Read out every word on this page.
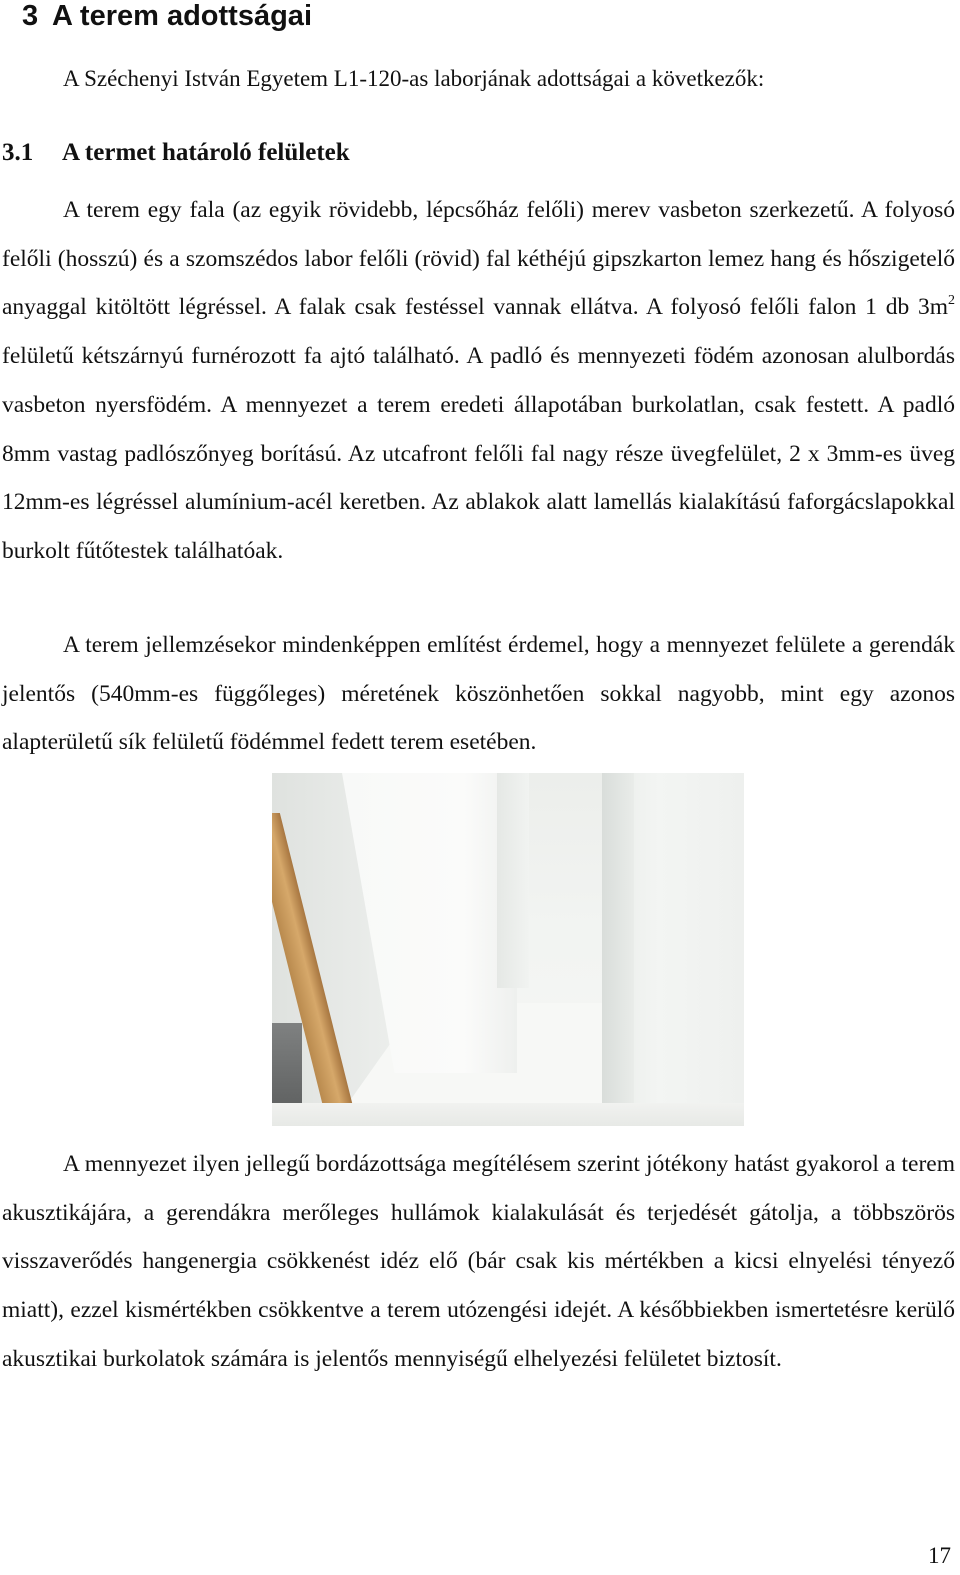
3 A terem adottságai

A Széchenyi István Egyetem L1-120-as laborjának adottságai a következők:

3.1 A termet határoló felületek

A terem egy fala (az egyik rövidebb, lépcsőház felőli) merev vasbeton szerkezetű. A folyosó felőli (hosszú) és a szomszédos labor felőli (rövid) fal kéthéjú gipszkarton lemez hang és hőszigetelő anyaggal kitöltött légréssel. A falak csak festéssel vannak ellátva. A folyosó felőli falon 1 db $3m^2$ felületű kétszárnyú furnérozott fa ajtó található. A padló és mennyezeti födém azonosan alulbordás vasbeton nyersfödém. A mennyezet a terem eredeti állapotában burkolatlan, csak festett. A padló 8mm vastag padlószőnyeg borítású. Az utcafront felőli fal nagy része üvegfelület, 2 x 3mm-es üveg 12mm-es légréssel alumínium-acél keretben. Az ablakok alatt lamellás kialakítású faforgácslapokkal burkolt fűtőtestek találhatóak.

A terem jellemzésekor mindenképpen említést érdemel, hogy a mennyezet felülete a gerendák jelentős (540mm-es függőleges) méretének köszönhetően sokkal nagyobb, mint egy azonos alapterületű sík felületű födémmel fedett terem esetében.

A mennyezet ilyen jellegű bordázottsága megítélésem szerint jótékony hatást gyakorol a terem akusztikájára, a gerendákra merőleges hullámok kialakulását és terjedését gátolja, a többszörös visszaverődés hangenergia csökkenést idéz elő (bár csak kis mértékben a kicsi elnyelési tényező miatt), ezzel kismértékben csökkentve a terem utózengési idejét. A későbbiekben ismertetésre kerülő akusztikai burkolatok számára is jelentős mennyiségű elhelyezési felületet biztosít.

17
